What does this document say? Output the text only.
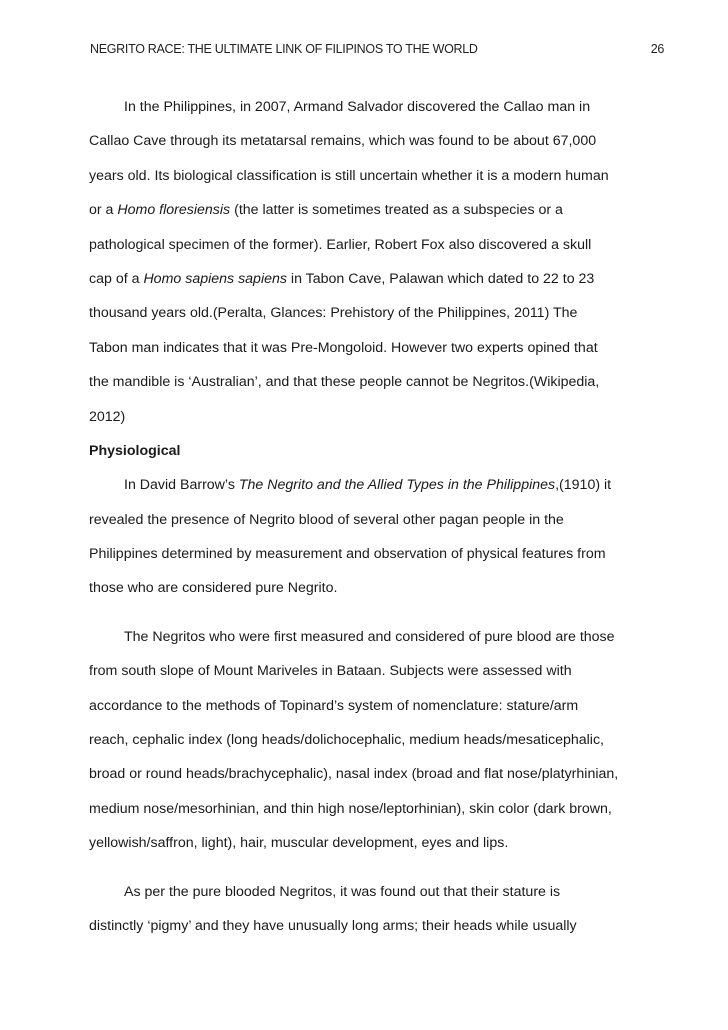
NEGRITO RACE: THE ULTIMATE LINK OF FILIPINOS TO THE WORLD	26
In the Philippines, in 2007, Armand Salvador discovered the Callao man in
Callao Cave through its metatarsal remains, which was found to be about 67,000
years old. Its biological classification is still uncertain whether it is a modern human
or a Homo floresiensis (the latter is sometimes treated as a subspecies or a
pathological specimen of the former). Earlier, Robert Fox also discovered a skull
cap of a Homo sapiens sapiens in Tabon Cave, Palawan which dated to 22 to 23
thousand years old.(Peralta, Glances: Prehistory of the Philippines, 2011) The
Tabon man indicates that it was Pre-Mongoloid. However two experts opined that
the mandible is ‘Australian’, and that these people cannot be Negritos.(Wikipedia,
2012)
Physiological
In David Barrow’s The Negrito and the Allied Types in the Philippines,(1910) it
revealed the presence of Negrito blood of several other pagan people in the
Philippines determined by measurement and observation of physical features from
those who are considered pure Negrito.
The Negritos who were first measured and considered of pure blood are those
from south slope of Mount Mariveles in Bataan. Subjects were assessed with
accordance to the methods of Topinard’s system of nomenclature: stature/arm
reach, cephalic index (long heads/dolichocephalic, medium heads/mesaticephalic,
broad or round heads/brachycephalic), nasal index (broad and flat nose/platyrhinian,
medium nose/mesorhinian, and thin high nose/leptorhinian), skin color (dark brown,
yellowish/saffron, light), hair, muscular development, eyes and lips.
As per the pure blooded Negritos, it was found out that their stature is
distinctly ‘pigmy’ and they have unusually long arms; their heads while usually
